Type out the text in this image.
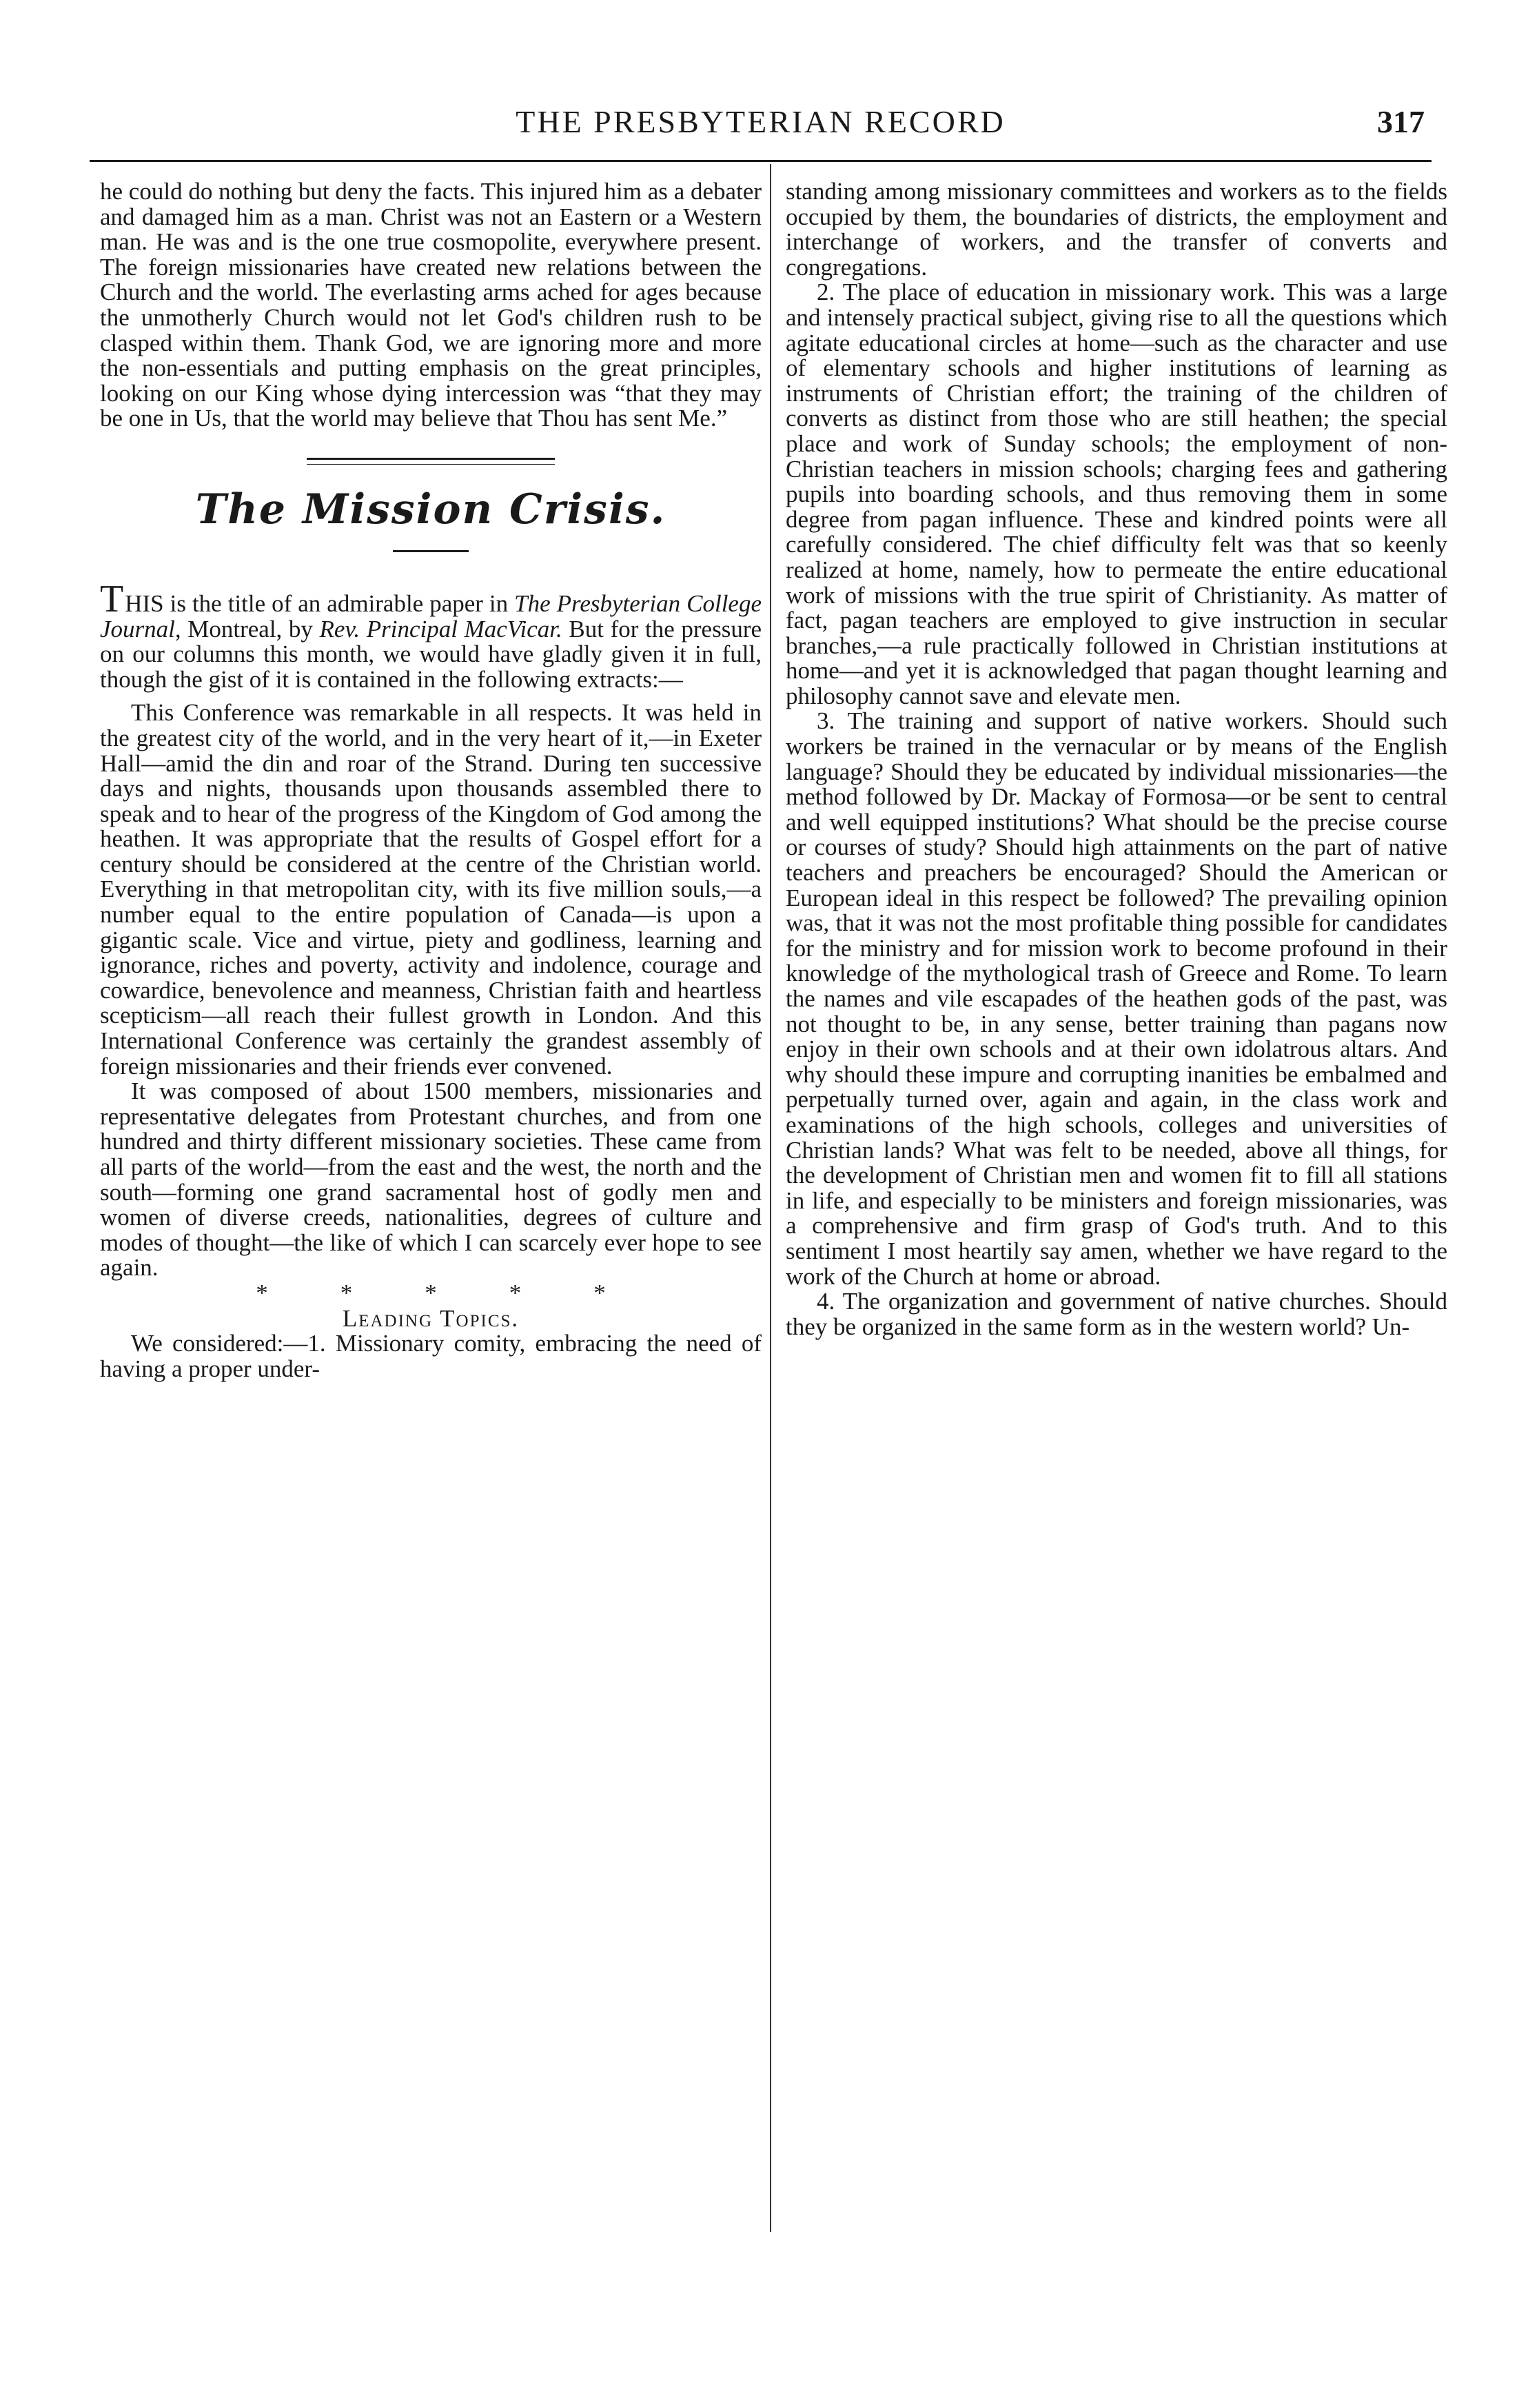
THE PRESBYTERIAN RECORD	317

he could do nothing but deny the facts. This injured him as a debater and damaged him as a man. Christ was not an Eastern or a Western man. He was and is the one true cosmopolite, everywhere present. The foreign missionaries have created new relations between the Church and the world. The everlasting arms ached for ages because the unmotherly Church would not let God's children rush to be clasped within them. Thank God, we are ignoring more and more the non-essentials and putting emphasis on the great principles, looking on our King whose dying intercession was “that they may be one in Us, that the world may believe that Thou has sent Me.”

The Mission Crisis.

THIS is the title of an admirable paper in The Presbyterian College Journal, Montreal, by Rev. Principal MacVicar. But for the pressure on our columns this month, we would have gladly given it in full, though the gist of it is contained in the following extracts:—

This Conference was remarkable in all respects. It was held in the greatest city of the world, and in the very heart of it,—in Exeter Hall—amid the din and roar of the Strand. During ten successive days and nights, thousands upon thousands assembled there to speak and to hear of the progress of the Kingdom of God among the heathen. It was appropriate that the results of Gospel effort for a century should be considered at the centre of the Christian world. Everything in that metropolitan city, with its five million souls,—a number equal to the entire population of Canada—is upon a gigantic scale. Vice and virtue, piety and godliness, learning and ignorance, riches and poverty, activity and indolence, courage and cowardice, benevolence and meanness, Christian faith and heartless scepticism—all reach their fullest growth in London. And this International Conference was certainly the grandest assembly of foreign missionaries and their friends ever convened.

It was composed of about 1500 members, missionaries and representative delegates from Protestant churches, and from one hundred and thirty different missionary societies. These came from all parts of the world—from the east and the west, the north and the south—forming one grand sacramental host of godly men and women of diverse creeds, nationalities, degrees of culture and modes of thought—the like of which I can scarcely ever hope to see again.

*   *   *   *   *

Leading Topics.

We considered:—1. Missionary comity, embracing the need of having a proper under-

standing among missionary committees and workers as to the fields occupied by them, the boundaries of districts, the employment and interchange of workers, and the transfer of converts and congregations.

2. The place of education in missionary work. This was a large and intensely practical subject, giving rise to all the questions which agitate educational circles at home—such as the character and use of elementary schools and higher institutions of learning as instruments of Christian effort; the training of the children of converts as distinct from those who are still heathen; the special place and work of Sunday schools; the employment of non-Christian teachers in mission schools; charging fees and gathering pupils into boarding schools, and thus removing them in some degree from pagan influence. These and kindred points were all carefully considered. The chief difficulty felt was that so keenly realized at home, namely, how to permeate the entire educational work of missions with the true spirit of Christianity. As matter of fact, pagan teachers are employed to give instruction in secular branches,—a rule practically followed in Christian institutions at home—and yet it is acknowledged that pagan thought learning and philosophy cannot save and elevate men.

3. The training and support of native workers. Should such workers be trained in the vernacular or by means of the English language? Should they be educated by individual missionaries—the method followed by Dr. Mackay of Formosa—or be sent to central and well equipped institutions? What should be the precise course or courses of study? Should high attainments on the part of native teachers and preachers be encouraged? Should the American or European ideal in this respect be followed? The prevailing opinion was, that it was not the most profitable thing possible for candidates for the ministry and for mission work to become profound in their knowledge of the mythological trash of Greece and Rome. To learn the names and vile escapades of the heathen gods of the past, was not thought to be, in any sense, better training than pagans now enjoy in their own schools and at their own idolatrous altars. And why should these impure and corrupting inanities be embalmed and perpetually turned over, again and again, in the class work and examinations of the high schools, colleges and universities of Christian lands? What was felt to be needed, above all things, for the development of Christian men and women fit to fill all stations in life, and especially to be ministers and foreign missionaries, was a comprehensive and firm grasp of God's truth. And to this sentiment I most heartily say amen, whether we have regard to the work of the Church at home or abroad.

4. The organization and government of native churches. Should they be organized in the same form as in the western world? Un-
